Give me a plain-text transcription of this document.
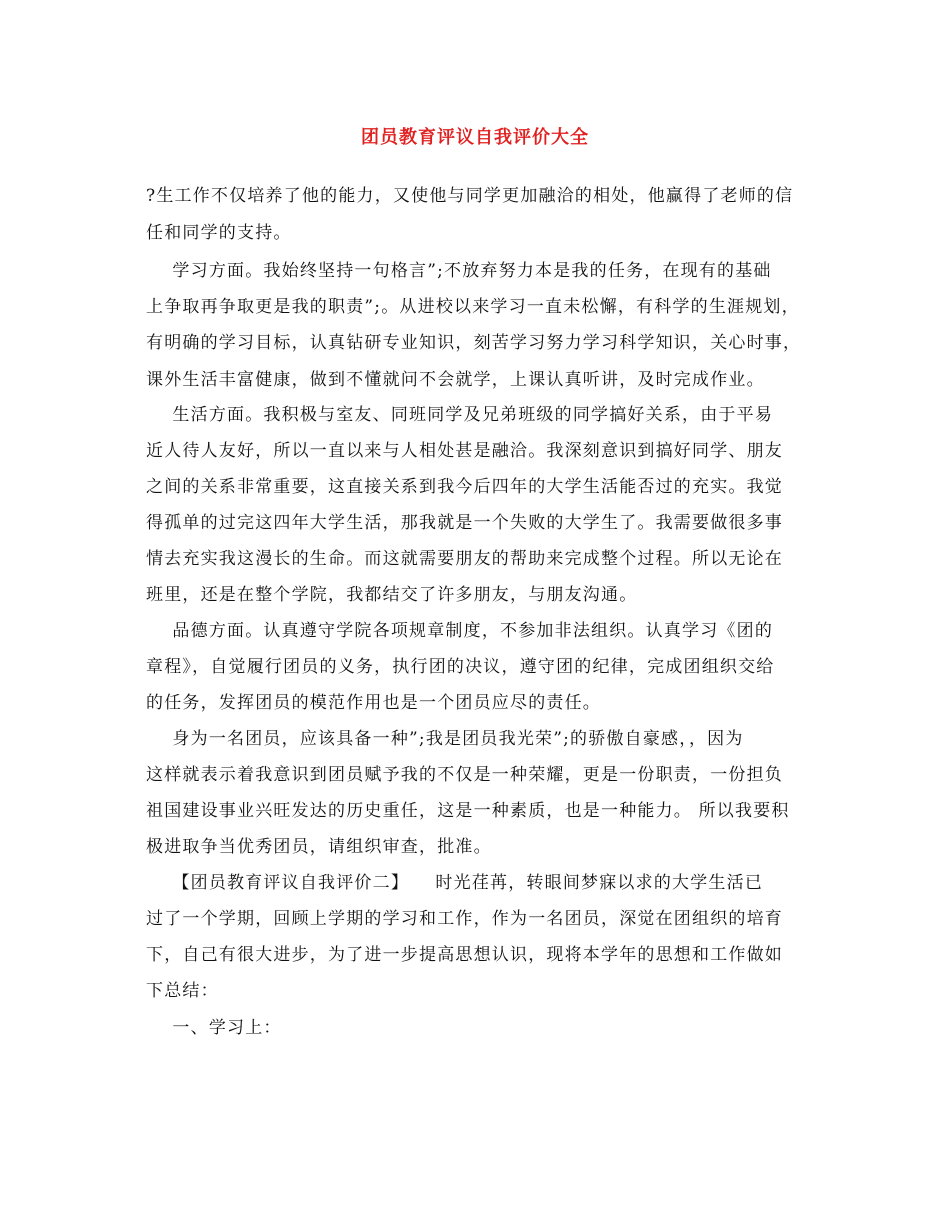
团员教育评议自我评价大全
?生工作不仅培养了他的能力，又使他与同学更加融洽的相处，他赢得了老师的信
任和同学的支持。
学习方面。我始终坚持一句格言”;不放弃努力本是我的任务，在现有的基础
上争取再争取更是我的职责”;。从进校以来学习一直未松懈，有科学的生涯规划，
有明确的学习目标，认真钻研专业知识，刻苦学习努力学习科学知识，关心时事，
课外生活丰富健康，做到不懂就问不会就学，上课认真听讲，及时完成作业。
生活方面。我积极与室友、同班同学及兄弟班级的同学搞好关系，由于平易
近人待人友好，所以一直以来与人相处甚是融洽。我深刻意识到搞好同学、朋友
之间的关系非常重要，这直接关系到我今后四年的大学生活能否过的充实。我觉
得孤单的过完这四年大学生活，那我就是一个失败的大学生了。我需要做很多事
情去充实我这漫长的生命。而这就需要朋友的帮助来完成整个过程。所以无论在
班里，还是在整个学院，我都结交了许多朋友，与朋友沟通。
品德方面。认真遵守学院各项规章制度，不参加非法组织。认真学习《团的
章程》，自觉履行团员的义务，执行团的决议，遵守团的纪律，完成团组织交给
的任务，发挥团员的模范作用也是一个团员应尽的责任。
身为一名团员，应该具备一种”;我是团员我光荣”;的骄傲自豪感，，因为
这样就表示着我意识到团员赋予我的不仅是一种荣耀，更是一份职责，一份担负
祖国建设事业兴旺发达的历史重任，这是一种素质，也是一种能力。 所以我要积
极进取争当优秀团员，请组织审查，批准。
【团员教育评议自我评价二】    时光荏苒，转眼间梦寐以求的大学生活已
过了一个学期，回顾上学期的学习和工作，作为一名团员，深觉在团组织的培育
下，自己有很大进步，为了进一步提高思想认识，现将本学年的思想和工作做如
下总结：
一、学习上：
